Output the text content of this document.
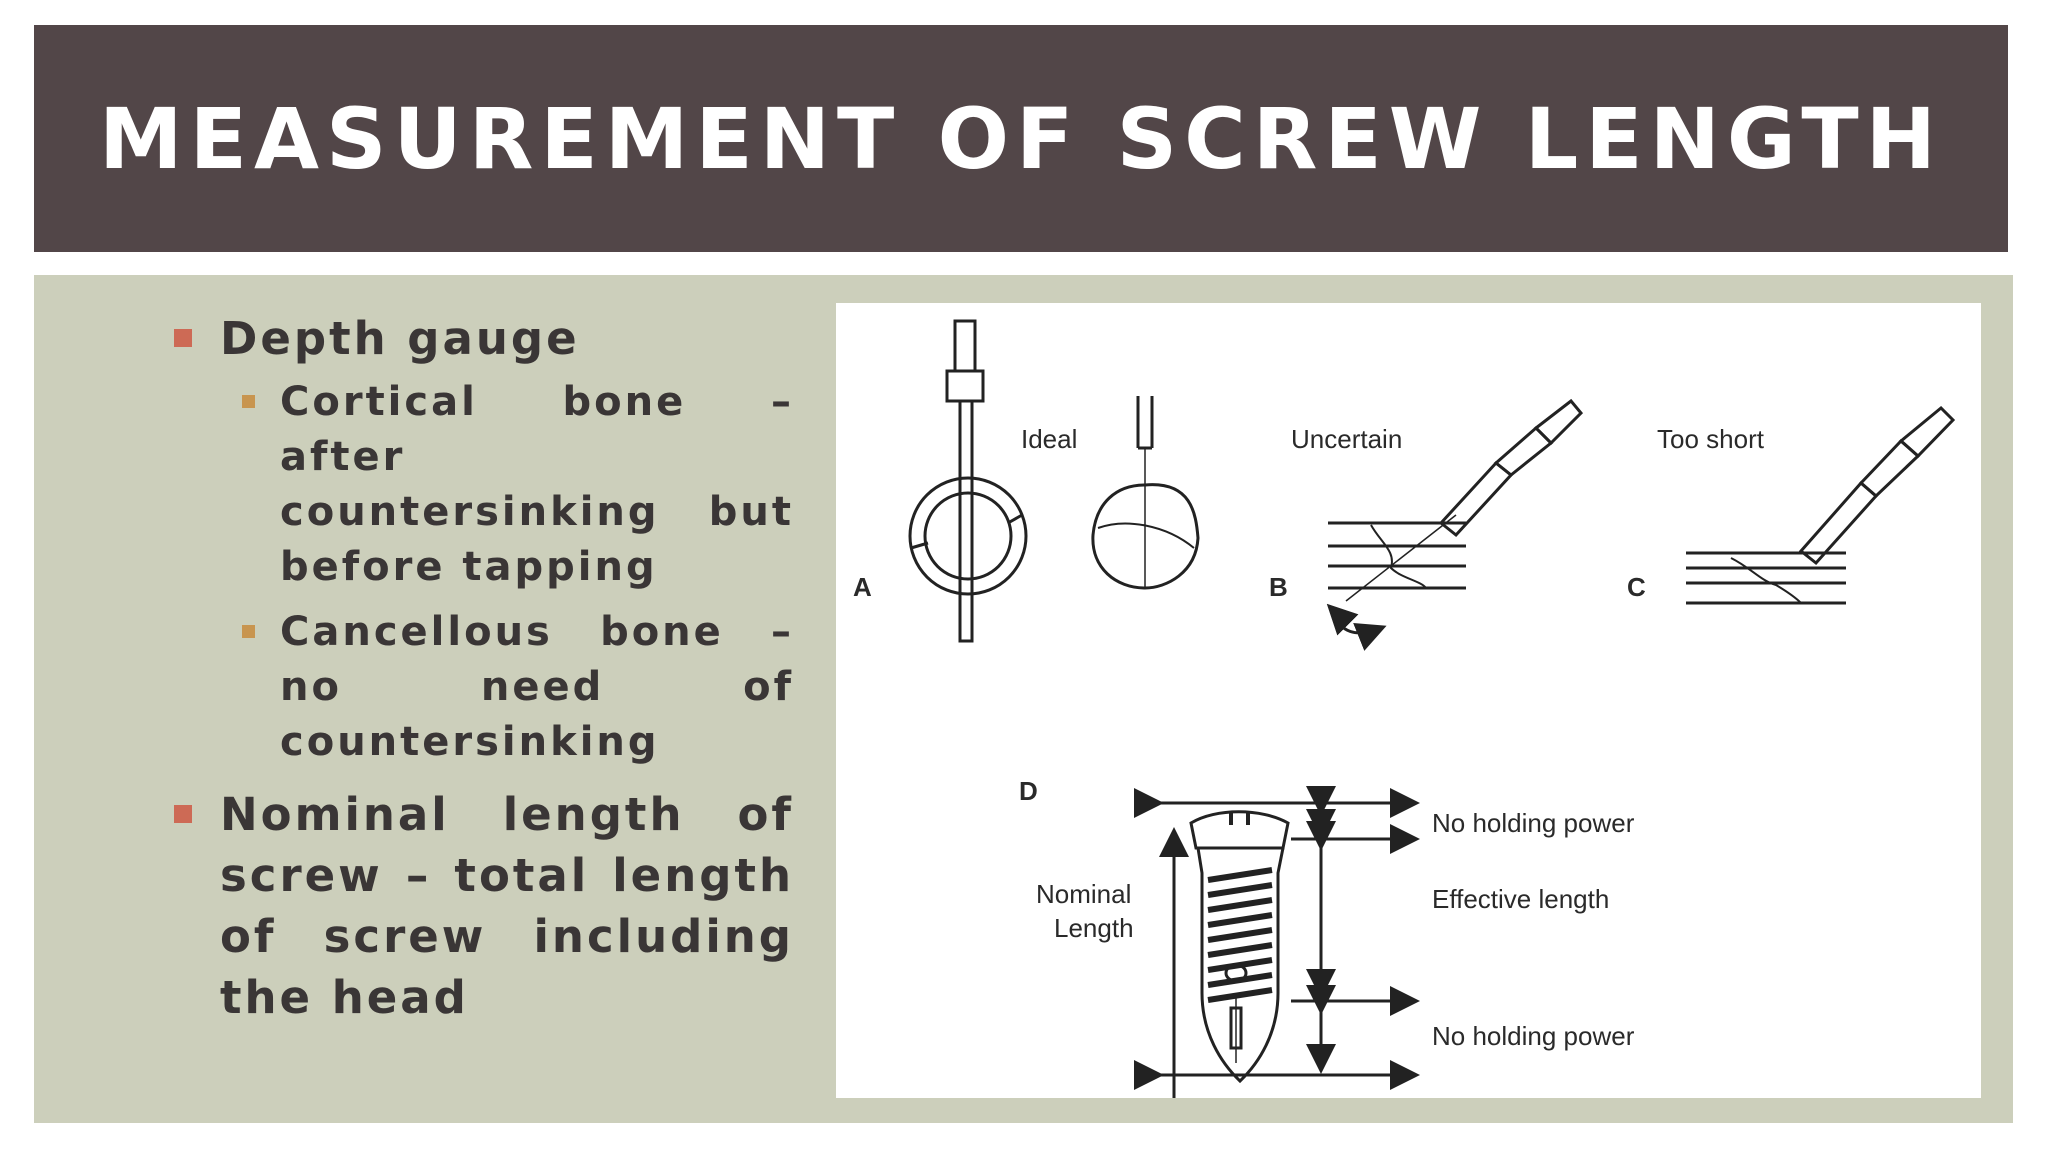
MEASUREMENT OF SCREW LENGTH
Depth gauge
Cortical bone – after countersinking but before tapping
Cancellous bone – no need of countersinking
Nominal length of screw – total length of screw including the head
A
Ideal
B
Uncertain
C
Too short
D
Nominal
Length
No holding power
Effective length
No holding power
